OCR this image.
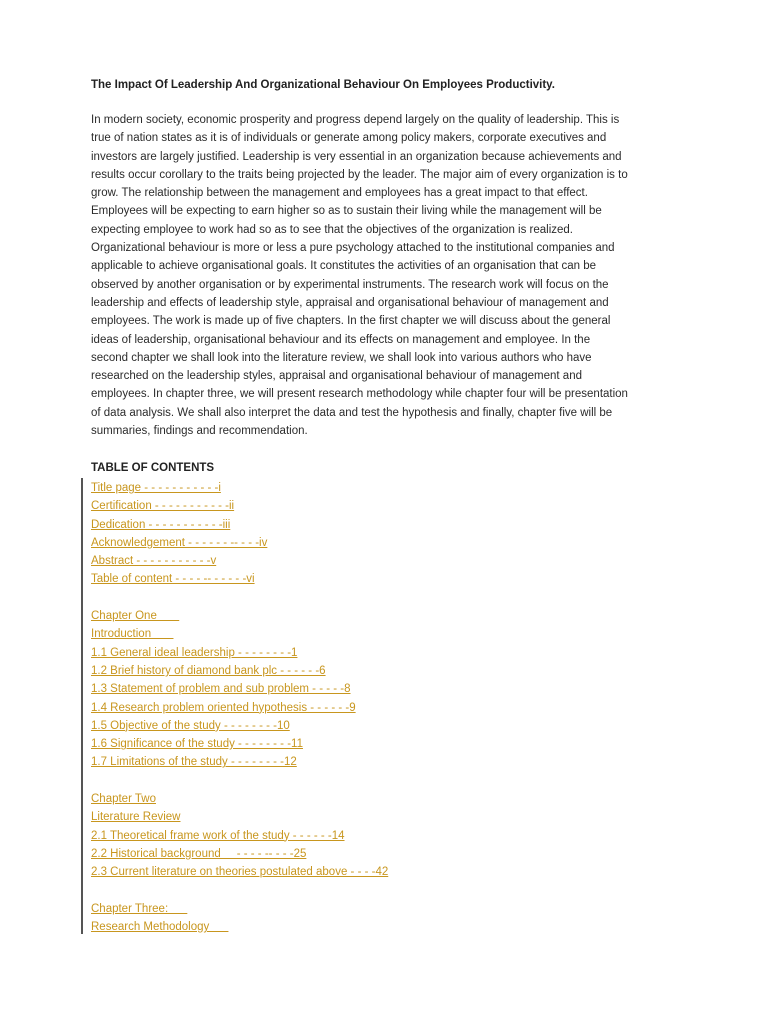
The Impact Of Leadership And Organizational Behaviour On Employees Productivity.
In modern society, economic prosperity and progress depend largely on the quality of leadership. This is
true of nation states as it is of individuals or generate among policy makers, corporate executives and
investors are largely justified. Leadership is very essential in an organization because achievements and
results occur corollary to the traits being projected by the leader. The major aim of every organization is to
grow. The relationship between the management and employees has a great impact to that effect.
Employees will be expecting to earn higher so as to sustain their living while the management will be
expecting employee to work had so as to see that the objectives of the organization is realized.
Organizational behaviour is more or less a pure psychology attached to the institutional companies and
applicable to achieve organisational goals. It constitutes the activities of an organisation that can be
observed by another organisation or by experimental instruments. The research work will focus on the
leadership and effects of leadership style, appraisal and organisational behaviour of management and
employees. The work is made up of five chapters. In the first chapter we will discuss about the general
ideas of leadership, organisational behaviour and its effects on management and employee. In the
second chapter we shall look into the literature review, we shall look into various authors who have
researched on the leadership styles, appraisal and organisational behaviour of management and
employees. In chapter three, we will present research methodology while chapter four will be presentation
of data analysis. We shall also interpret the data and test the hypothesis and finally, chapter five will be
summaries, findings and recommendation.
TABLE OF CONTENTS
Title page - - - - - - - - - - -i
Certification - - - - - - - - - - -ii
Dedication - - - - - - - - - - -iii
Acknowledgement - - - - - - -- - - -iv
Abstract - - - - - - - - - - -v
Table of content - - - - -- - - - - -vi
Chapter One
Introduction
1.1 General ideal leadership - - - - - - - -1
1.2 Brief history of diamond bank plc - - - - - -6
1.3 Statement of problem and sub problem - - - - -8
1.4 Research problem oriented hypothesis - - - - - -9
1.5 Objective of the study - - - - - - - -10
1.6 Significance of the study - - - - - - - -11
1.7 Limitations of the study - - - - - - - -12
Chapter Two
Literature Review
2.1 Theoretical frame work of the study - - - - - -14
2.2 Historical background     - - - - -- - - -25
2.3 Current literature on theories postulated above - - - -42
Chapter Three:
Research Methodology
